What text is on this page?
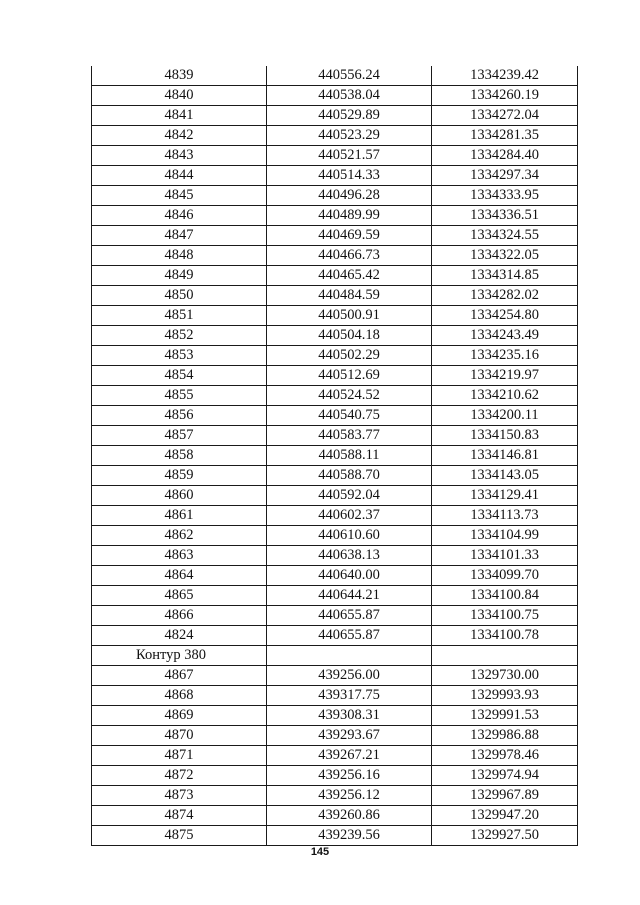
4839	440556.24	1334239.42
4840	440538.04	1334260.19
4841	440529.89	1334272.04
4842	440523.29	1334281.35
4843	440521.57	1334284.40
4844	440514.33	1334297.34
4845	440496.28	1334333.95
4846	440489.99	1334336.51
4847	440469.59	1334324.55
4848	440466.73	1334322.05
4849	440465.42	1334314.85
4850	440484.59	1334282.02
4851	440500.91	1334254.80
4852	440504.18	1334243.49
4853	440502.29	1334235.16
4854	440512.69	1334219.97
4855	440524.52	1334210.62
4856	440540.75	1334200.11
4857	440583.77	1334150.83
4858	440588.11	1334146.81
4859	440588.70	1334143.05
4860	440592.04	1334129.41
4861	440602.37	1334113.73
4862	440610.60	1334104.99
4863	440638.13	1334101.33
4864	440640.00	1334099.70
4865	440644.21	1334100.84
4866	440655.87	1334100.75
4824	440655.87	1334100.78
Контур 380		
4867	439256.00	1329730.00
4868	439317.75	1329993.93
4869	439308.31	1329991.53
4870	439293.67	1329986.88
4871	439267.21	1329978.46
4872	439256.16	1329974.94
4873	439256.12	1329967.89
4874	439260.86	1329947.20
4875	439239.56	1329927.50
145
